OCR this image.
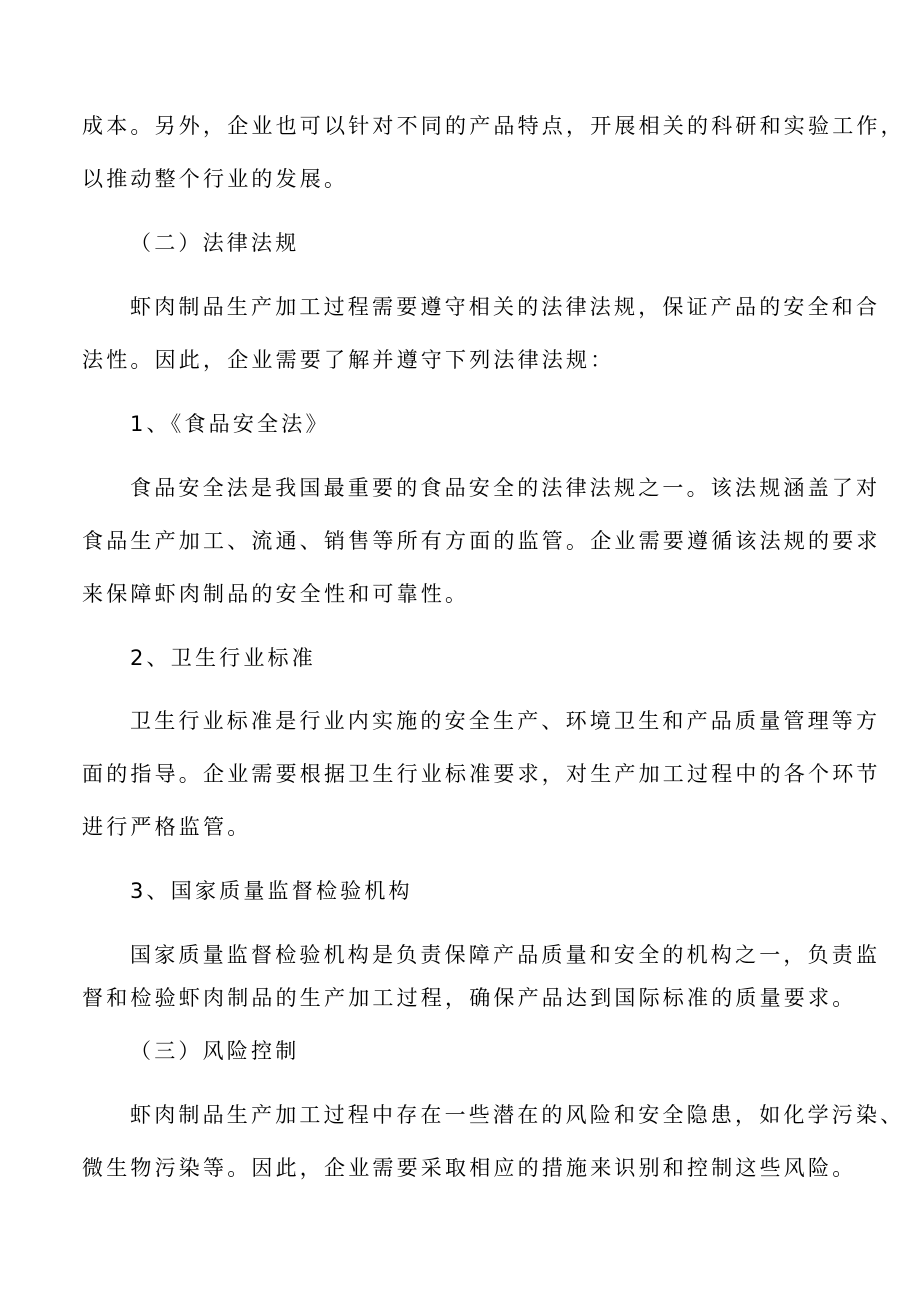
成本。另外，企业也可以针对不同的产品特点，开展相关的科研和实验工作，
以推动整个行业的发展。
（二）法律法规
虾肉制品生产加工过程需要遵守相关的法律法规，保证产品的安全和合
法性。因此，企业需要了解并遵守下列法律法规：
1、《食品安全法》
食品安全法是我国最重要的食品安全的法律法规之一。该法规涵盖了对
食品生产加工、流通、销售等所有方面的监管。企业需要遵循该法规的要求
来保障虾肉制品的安全性和可靠性。
2、卫生行业标准
卫生行业标准是行业内实施的安全生产、环境卫生和产品质量管理等方
面的指导。企业需要根据卫生行业标准要求，对生产加工过程中的各个环节
进行严格监管。
3、国家质量监督检验机构
国家质量监督检验机构是负责保障产品质量和安全的机构之一，负责监
督和检验虾肉制品的生产加工过程，确保产品达到国际标准的质量要求。
（三）风险控制
虾肉制品生产加工过程中存在一些潜在的风险和安全隐患，如化学污染、
微生物污染等。因此，企业需要采取相应的措施来识别和控制这些风险。
